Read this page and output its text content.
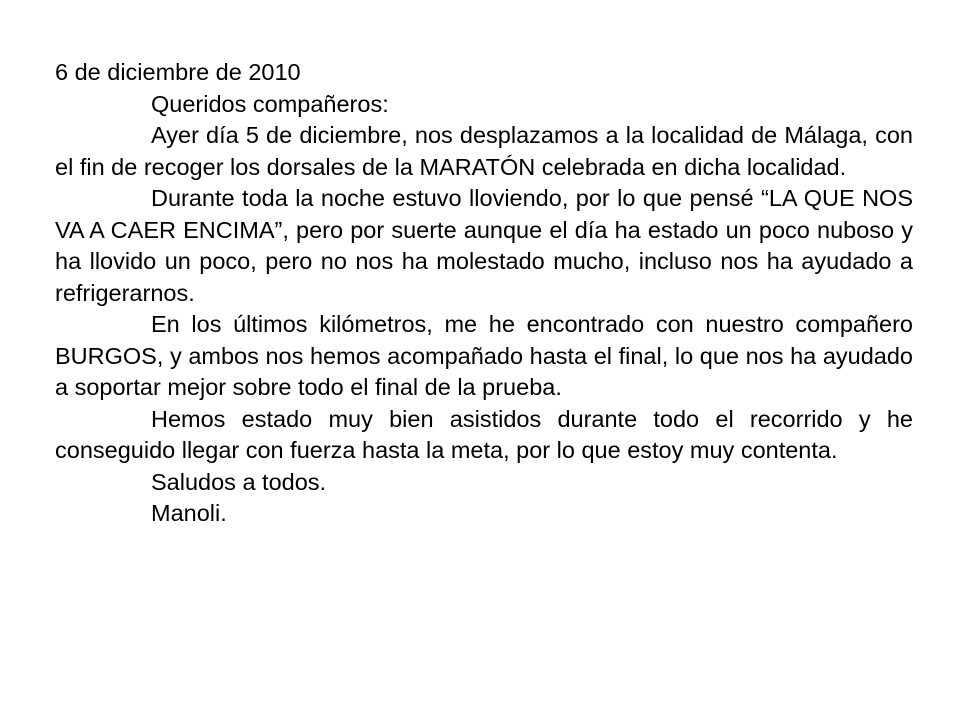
6 de diciembre de 2010

Queridos compañeros:

Ayer día 5 de diciembre, nos desplazamos a la localidad de Málaga, con el fin de recoger los dorsales de la MARATÓN celebrada en dicha localidad.

Durante toda la noche estuvo lloviendo, por lo que pensé “LA QUE NOS VA A CAER ENCIMA”, pero por suerte aunque el día ha estado un poco nuboso y ha llovido un poco, pero no nos ha molestado mucho, incluso nos ha ayudado a refrigerarnos.

En los últimos kilómetros, me he encontrado con nuestro compañero BURGOS, y ambos nos hemos acompañado hasta el final, lo que nos ha ayudado a soportar mejor sobre todo el final de la prueba.

Hemos estado muy bien asistidos durante todo el recorrido y he conseguido llegar con fuerza hasta la meta, por lo que estoy muy contenta.

Saludos a todos.

Manoli.
